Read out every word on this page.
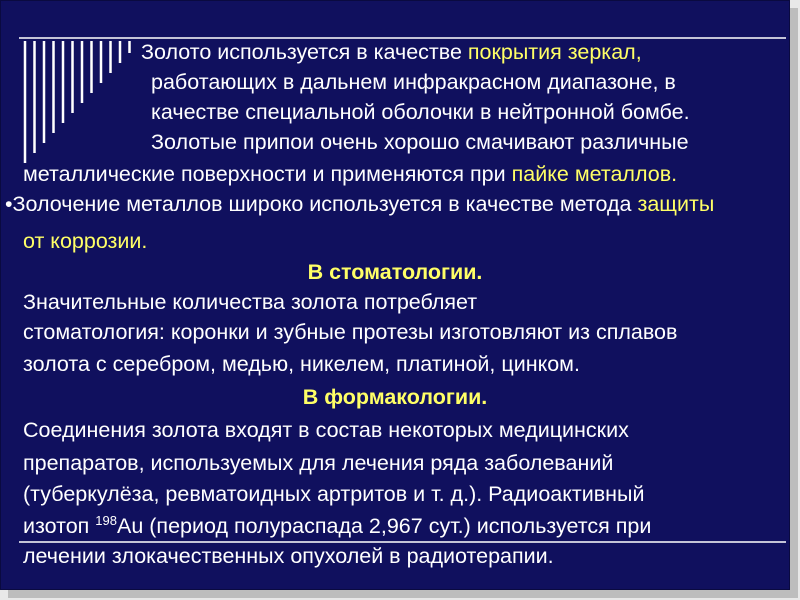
Золото используется в качестве покрытия зеркал,
работающих в дальнем инфракрасном диапазоне, в
качестве специальной оболочки в нейтронной бомбе.
Золотые припои очень хорошо смачивают различные
металлические поверхности и применяются при пайке металлов.
•Золочение металлов широко используется в качестве метода защиты
от коррозии.
В стоматологии.
Значительные количества золота потребляет
стоматология: коронки и зубные протезы изготовляют из сплавов
золота с серебром, медью, никелем, платиной, цинком.
В формакологии.
Соединения золота входят в состав некоторых медицинских
препаратов, используемых для лечения ряда заболеваний
(туберкулёза, ревматоидных артритов и т. д.). Радиоактивный
изотоп $^{198}$Au (период полураспада 2,967 сут.) используется при
лечении злокачественных опухолей в радиотерапии.
